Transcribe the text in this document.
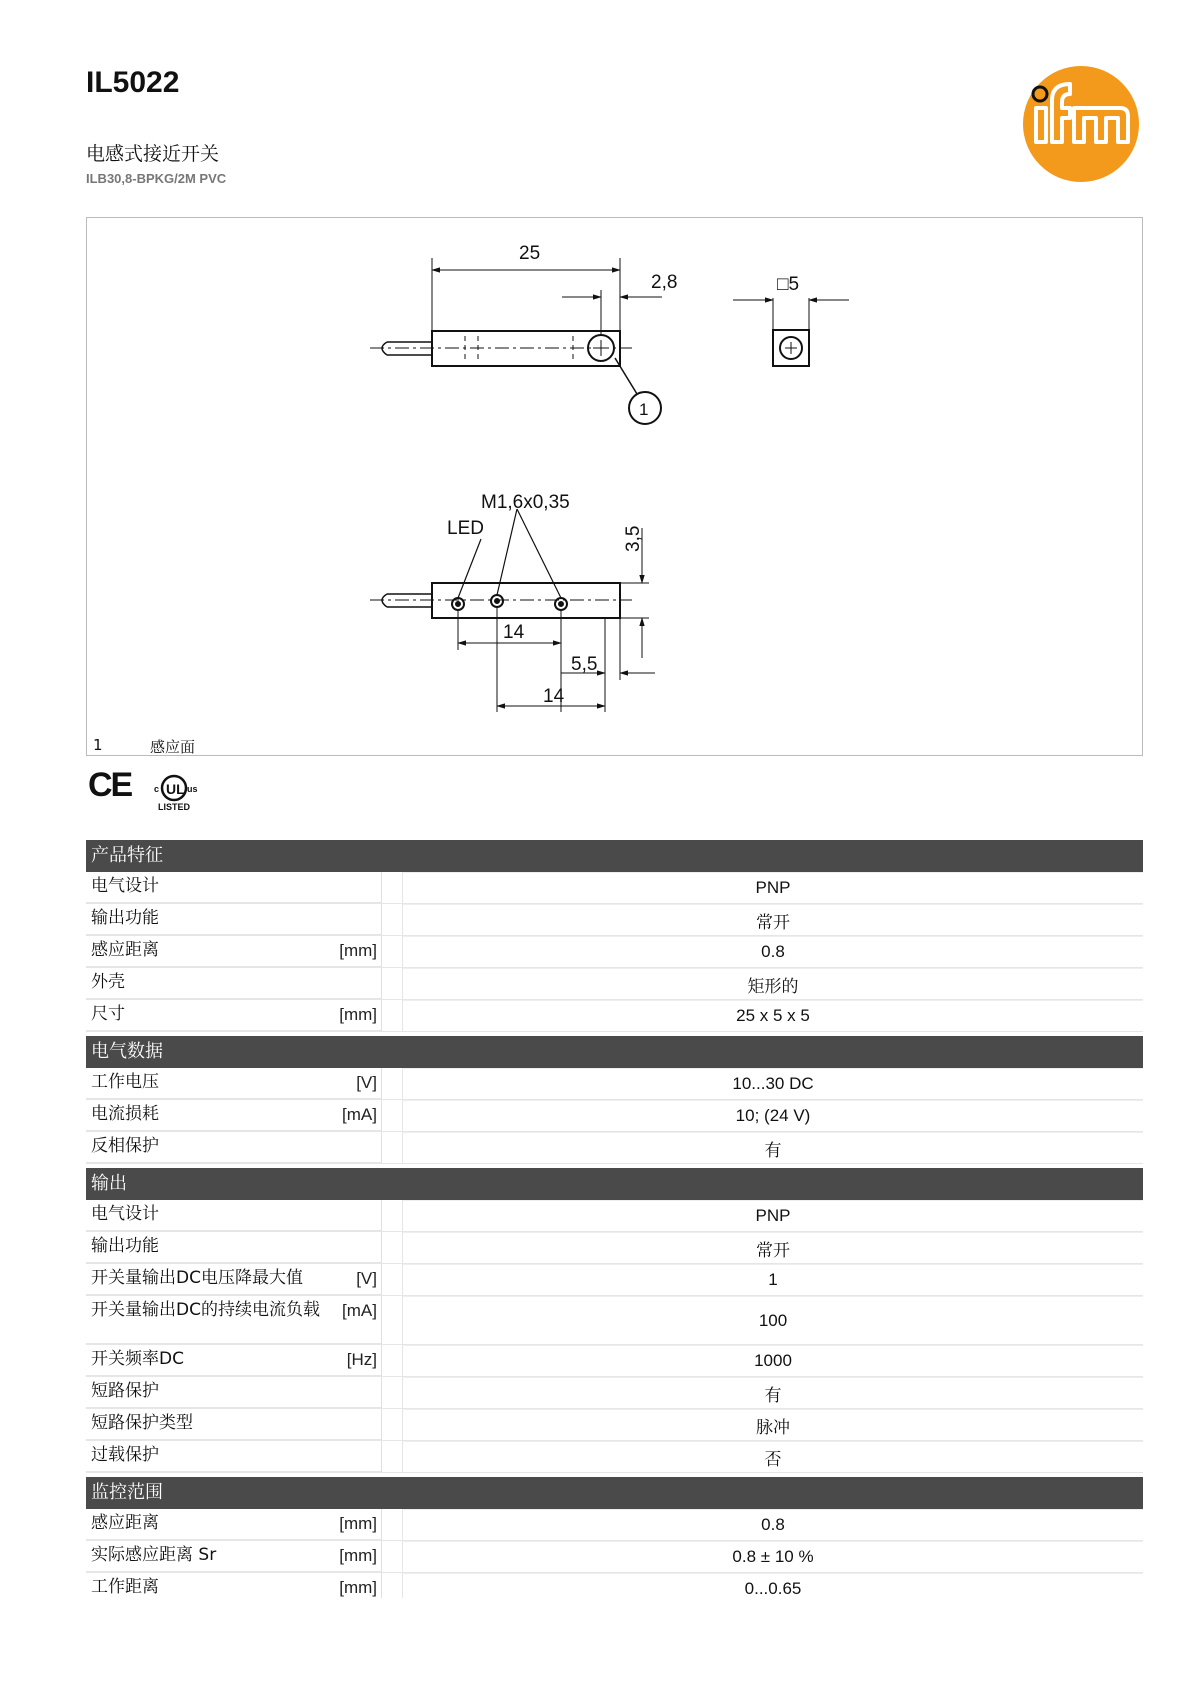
IL5022
电感式接近开关
ILB30,8-BPKG/2M PVC
25
2,8	□5
1
M1,6x0,35
LED	3,5
14
5,5
14
1	感应面
CE UL
c	us
LISTED
产品特征
电气设计	PNP
输出功能	常开
感应距离	[mm]	0.8
外壳	矩形的
尺寸	[mm]	25 x 5 x 5
电气数据
工作电压	[V]	10...30 DC
电流损耗	[mA]	10; (24 V)
反相保护	有
输出
电气设计	PNP
输出功能	常开
开关量输出DC电压降最大值	[V]	1
开关量输出DC的持续电流负载	[mA]	100
开关频率DC	[Hz]	1000
短路保护	有
短路保护类型	脉冲
过载保护	否
监控范围
感应距离	[mm]	0.8
实际感应距离 Sr	[mm]	0.8 ± 10 %
工作距离	[mm]	0...0.65
